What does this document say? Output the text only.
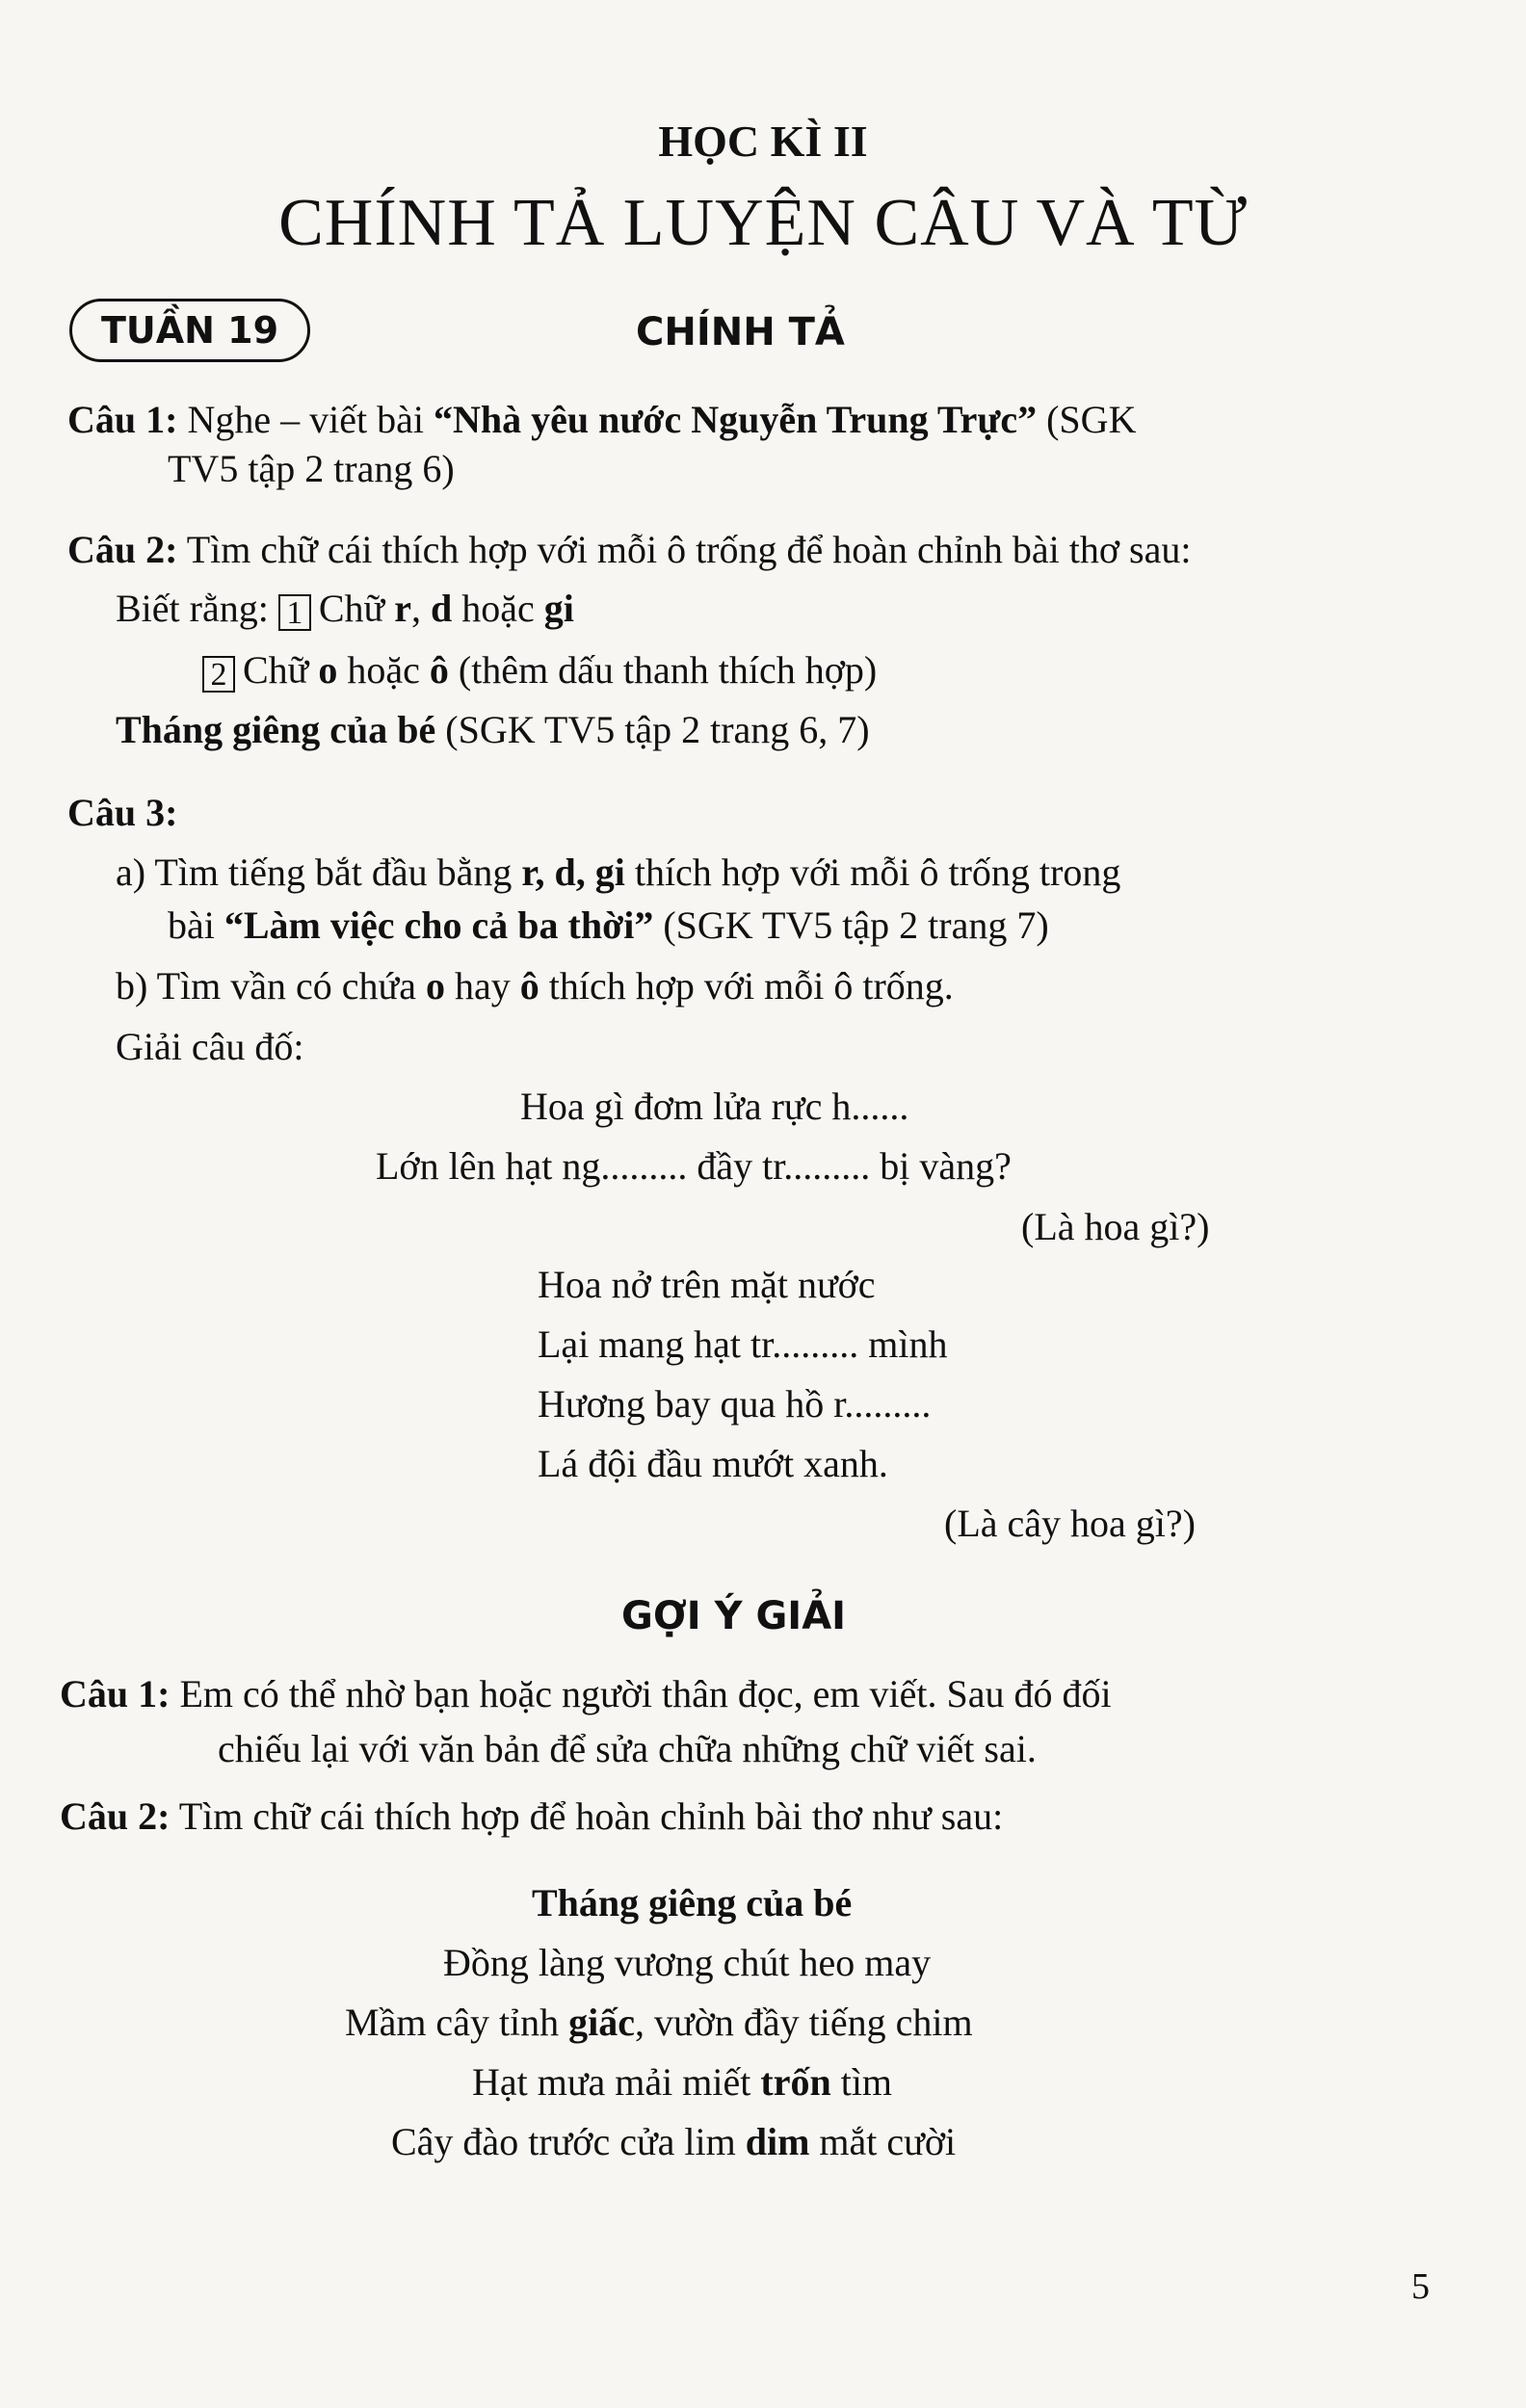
HỌC KÌ II
CHÍNH TẢ LUYỆN CÂU VÀ TỪ
TUẦN 19	CHÍNH TẢ
Câu 1: Nghe – viết bài “Nhà yêu nước Nguyễn Trung Trực” (SGK
TV5 tập 2 trang 6)
Câu 2: Tìm chữ cái thích hợp với mỗi ô trống để hoàn chỉnh bài thơ sau:
Biết rằng: 1 Chữ r, d hoặc gi
2 Chữ o hoặc ô (thêm dấu thanh thích hợp)
Tháng giêng của bé (SGK TV5 tập 2 trang 6, 7)
Câu 3:
a) Tìm tiếng bắt đầu bằng r, d, gi thích hợp với mỗi ô trống trong
bài “Làm việc cho cả ba thời” (SGK TV5 tập 2 trang 7)
b) Tìm vần có chứa o hay ô thích hợp với mỗi ô trống.
Giải câu đố:
Hoa gì đơm lửa rực h......
Lớn lên hạt ng......... đầy tr......... bị vàng?
(Là hoa gì?)
Hoa nở trên mặt nước
Lại mang hạt tr......... mình
Hương bay qua hồ r.........
Lá đội đầu mướt xanh.
(Là cây hoa gì?)
GỢI Ý GIẢI
Câu 1: Em có thể nhờ bạn hoặc người thân đọc, em viết. Sau đó đối
chiếu lại với văn bản để sửa chữa những chữ viết sai.
Câu 2: Tìm chữ cái thích hợp để hoàn chỉnh bài thơ như sau:
Tháng giêng của bé
Đồng làng vương chút heo may
Mầm cây tỉnh giấc, vườn đầy tiếng chim
Hạt mưa mải miết trốn tìm
Cây đào trước cửa lim dim mắt cười
5
